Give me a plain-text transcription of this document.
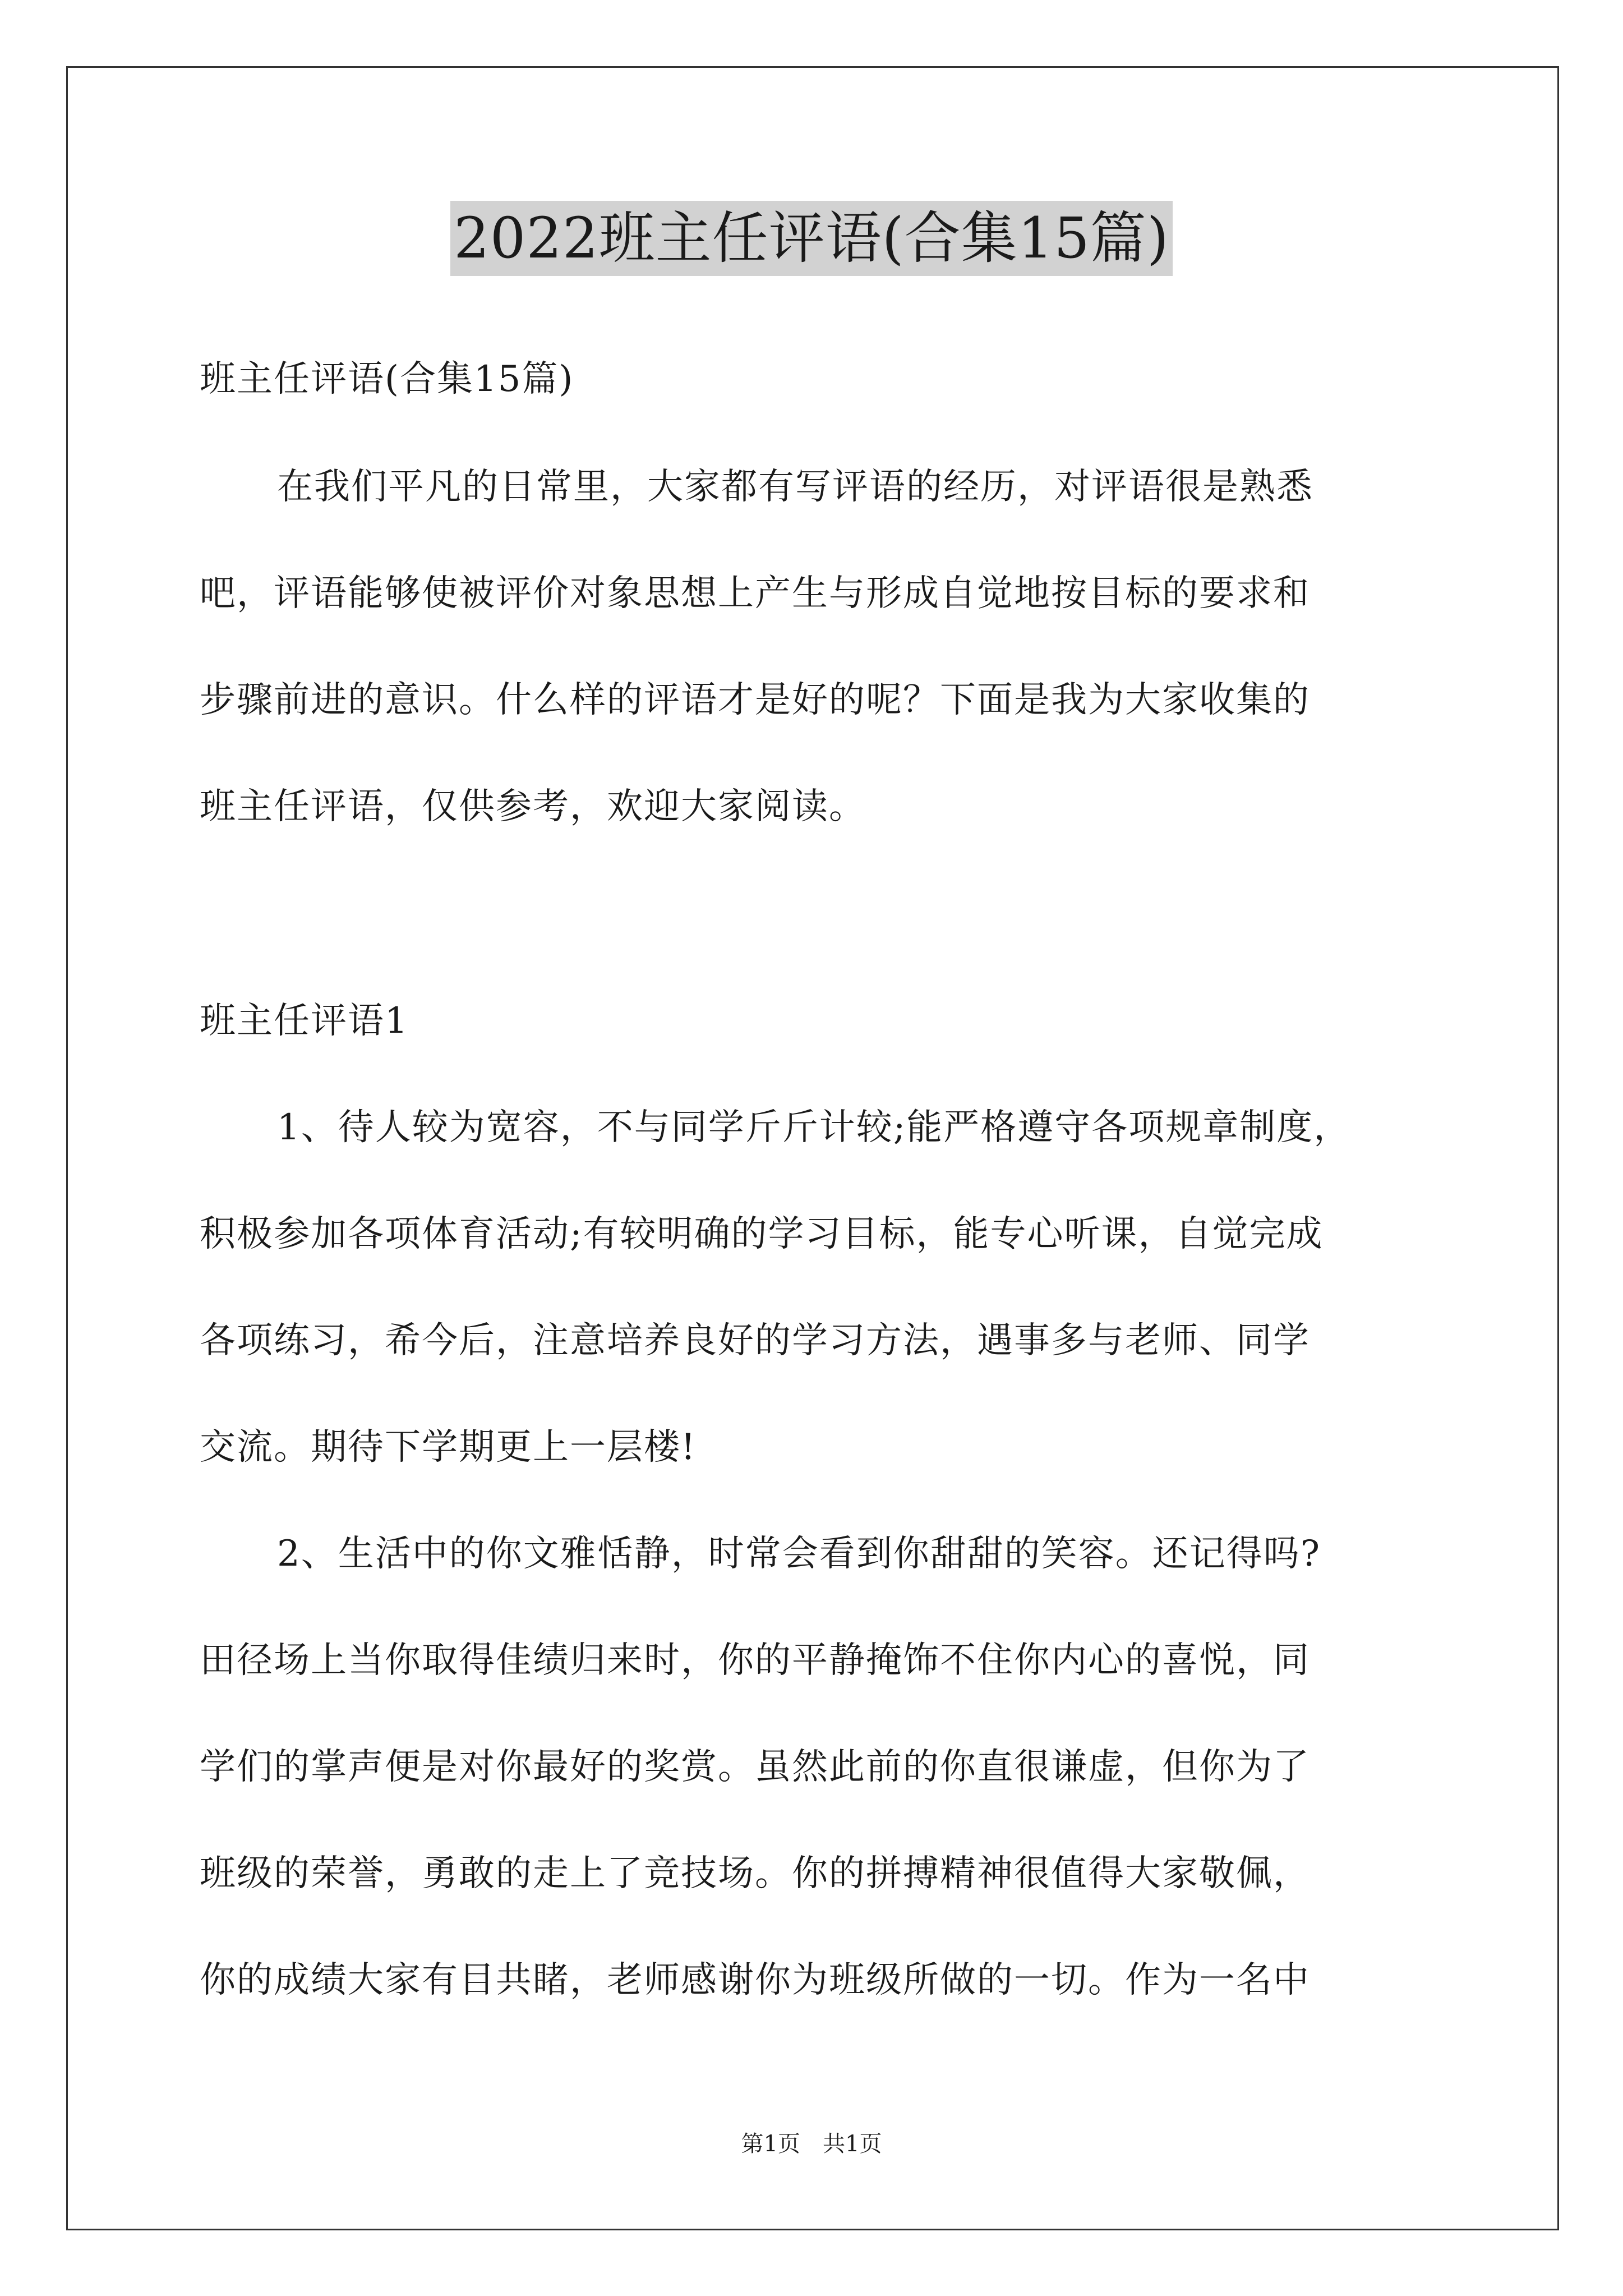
2022班主任评语(合集15篇)
班主任评语(合集15篇)
在我们平凡的日常里，大家都有写评语的经历，对评语很是熟悉
吧，评语能够使被评价对象思想上产生与形成自觉地按目标的要求和
步骤前进的意识。什么样的评语才是好的呢？下面是我为大家收集的
班主任评语，仅供参考，欢迎大家阅读。
班主任评语1
1、待人较为宽容，不与同学斤斤计较;能严格遵守各项规章制度，
积极参加各项体育活动;有较明确的学习目标，能专心听课，自觉完成
各项练习，希今后，注意培养良好的学习方法，遇事多与老师、同学
交流。期待下学期更上一层楼!
2、生活中的你文雅恬静，时常会看到你甜甜的笑容。还记得吗?
田径场上当你取得佳绩归来时，你的平静掩饰不住你内心的喜悦，同
学们的掌声便是对你最好的奖赏。虽然此前的你直很谦虚，但你为了
班级的荣誉，勇敢的走上了竞技场。你的拼搏精神很值得大家敬佩，
你的成绩大家有目共睹，老师感谢你为班级所做的一切。作为一名中
第1页　共1页
